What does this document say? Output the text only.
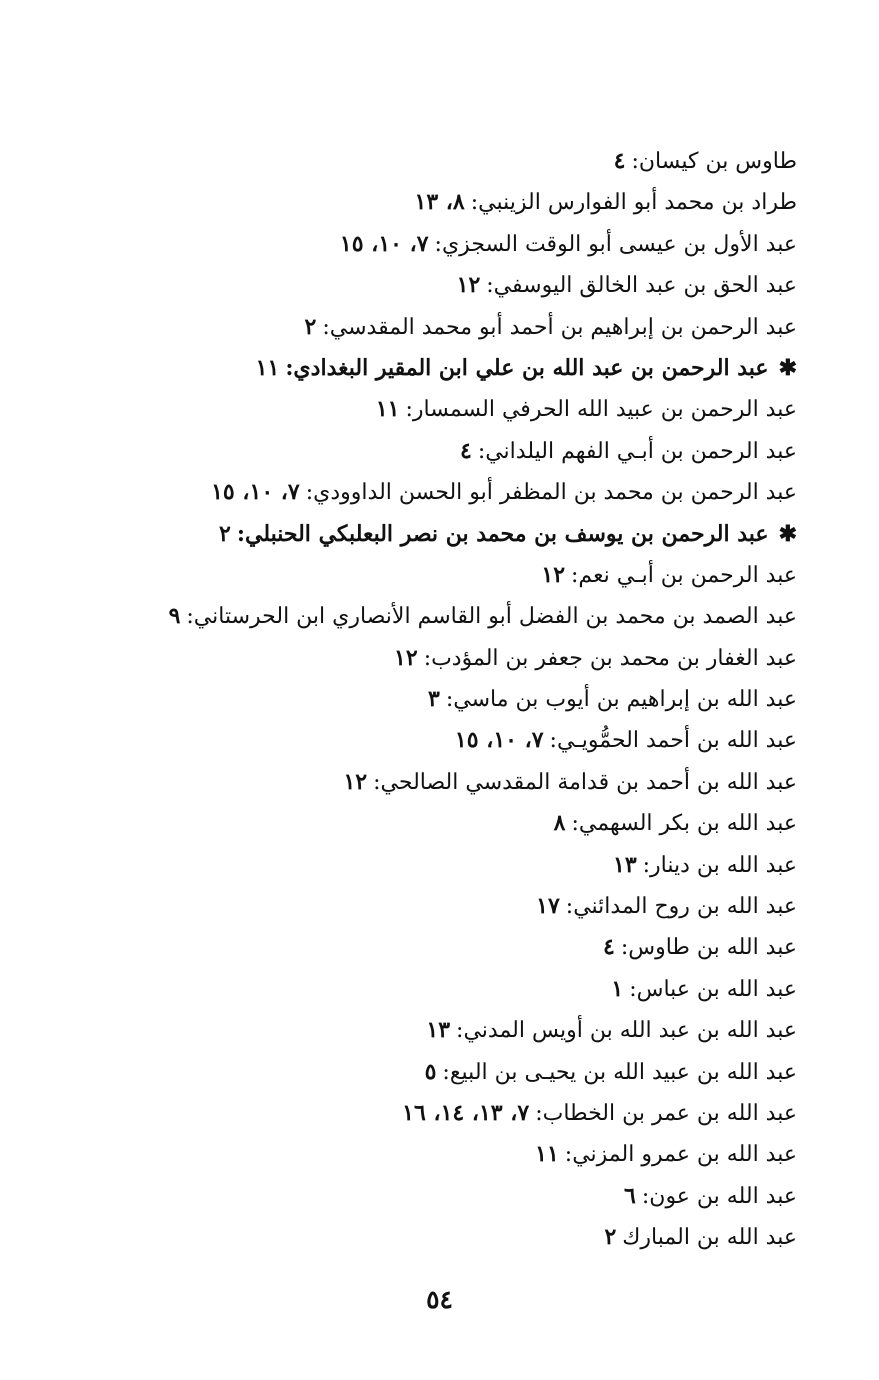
طاوس بن كيسان:٤
طراد بن محمد أبو الفوارس الزينبي:٨، ١٣
عبد الأول بن عيسى أبو الوقت السجزي:٧، ١٠، ١٥
عبد الحق بن عبد الخالق اليوسفي:١٢
عبد الرحمن بن إبراهيم بن أحمد أبو محمد المقدسي:٢
✱عبد الرحمن بن عبد الله بن علي ابن المقير البغدادي:١١
عبد الرحمن بن عبيد الله الحرفي السمسار:١١
عبد الرحمن بن أبـي الفهم اليلداني:٤
عبد الرحمن بن محمد بن المظفر أبو الحسن الداوودي:٧، ١٠، ١٥
✱عبد الرحمن بن يوسف بن محمد بن نصر البعلبكي الحنبلي:٢
عبد الرحمن بن أبـي نعم:١٢
عبد الصمد بن محمد بن الفضل أبو القاسم الأنصاري ابن الحرستاني:٩
عبد الغفار بن محمد بن جعفر بن المؤدب:١٢
عبد الله بن إبراهيم بن أيوب بن ماسي:٣
عبد الله بن أحمد الحمُّويـي:٧، ١٠، ١٥
عبد الله بن أحمد بن قدامة المقدسي الصالحي:١٢
عبد الله بن بكر السهمي:٨
عبد الله بن دينار:١٣
عبد الله بن روح المدائني:١٧
عبد الله بن طاوس:٤
عبد الله بن عباس:١
عبد الله بن عبد الله بن أويس المدني:١٣
عبد الله بن عبيد الله بن يحيـى بن البيع:٥
عبد الله بن عمر بن الخطاب:٧، ١٣، ١٤، ١٦
عبد الله بن عمرو المزني:١١
عبد الله بن عون:٦
عبد الله بن المبارك٢
٥٤
